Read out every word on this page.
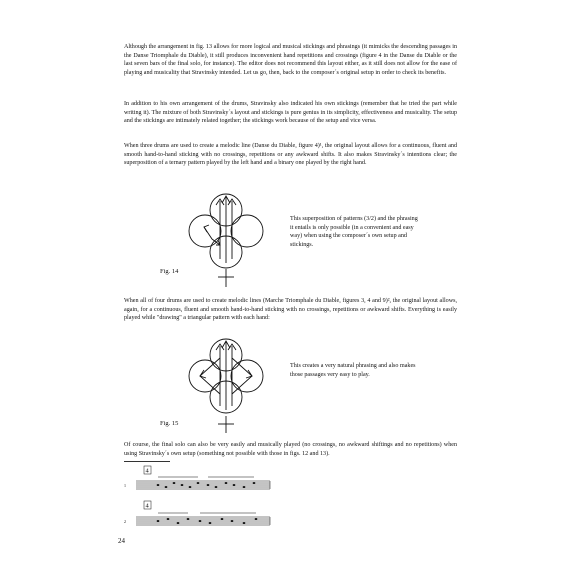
Although the arrangement in fig. 13 allows for more logical and musical stickings and phrasings (it mimicks the descending passages in the Danse Triomphale du Diable), it still produces inconvenient hand repetitions and crossings (figure 4 in the Danse du Diable or the last seven bars of the final solo, for instance). The editor does not recommend this layout either, as it still does not allow for the ease of playing and musicality that Stravinsky intended. Let us go, then, back to the composer´s original setup in order to check its benefits.

In addition to his own arrangement of the drums, Stravinsky also indicated his own stickings (remember that he tried the part while writing it). The mixture of both Stravinsky´s layout and stickings is pure genius in its simplicity, effectiveness and musicality. The setup and the stickings are intimately related together; the stickings work because of the setup and vice versa.

When three drums are used to create a melodic line (Danse du Diable, figure 4)¹, the original layout allows for a continuous, fluent and smooth hand-to-hand sticking with no crossings, repetitions or any awkward shifts. It also makes Stravinsky´s intentions clear; the superposition of a ternary pattern played by the left hand and a binary one played by the right hand.

This superposition of patterns (3/2) and the phrasing it entails is only possible (in a convenient and easy way) when using the composer´s own setup and stickings.
Fig. 14

When all of four drums are used to create melodic lines (Marche Triomphale du Diable, figures 3, 4 and 9)², the original layout allows, again, for a continuous, fluent and smooth hand-to-hand sticking with no crossings, repetitions or awkward shifts. Everything is easily played while "drawing" a triangular pattern with each hand:

This creates a very natural phrasing and also makes those passages very easy to play.
Fig. 15

Of course, the final solo can also be very easily and musically played (no crossings, no awkward shiftings and no repetitions) when using Stravinsky´s own setup (something not possible with those in figs. 12 and 13).

4
4
1
2
24
